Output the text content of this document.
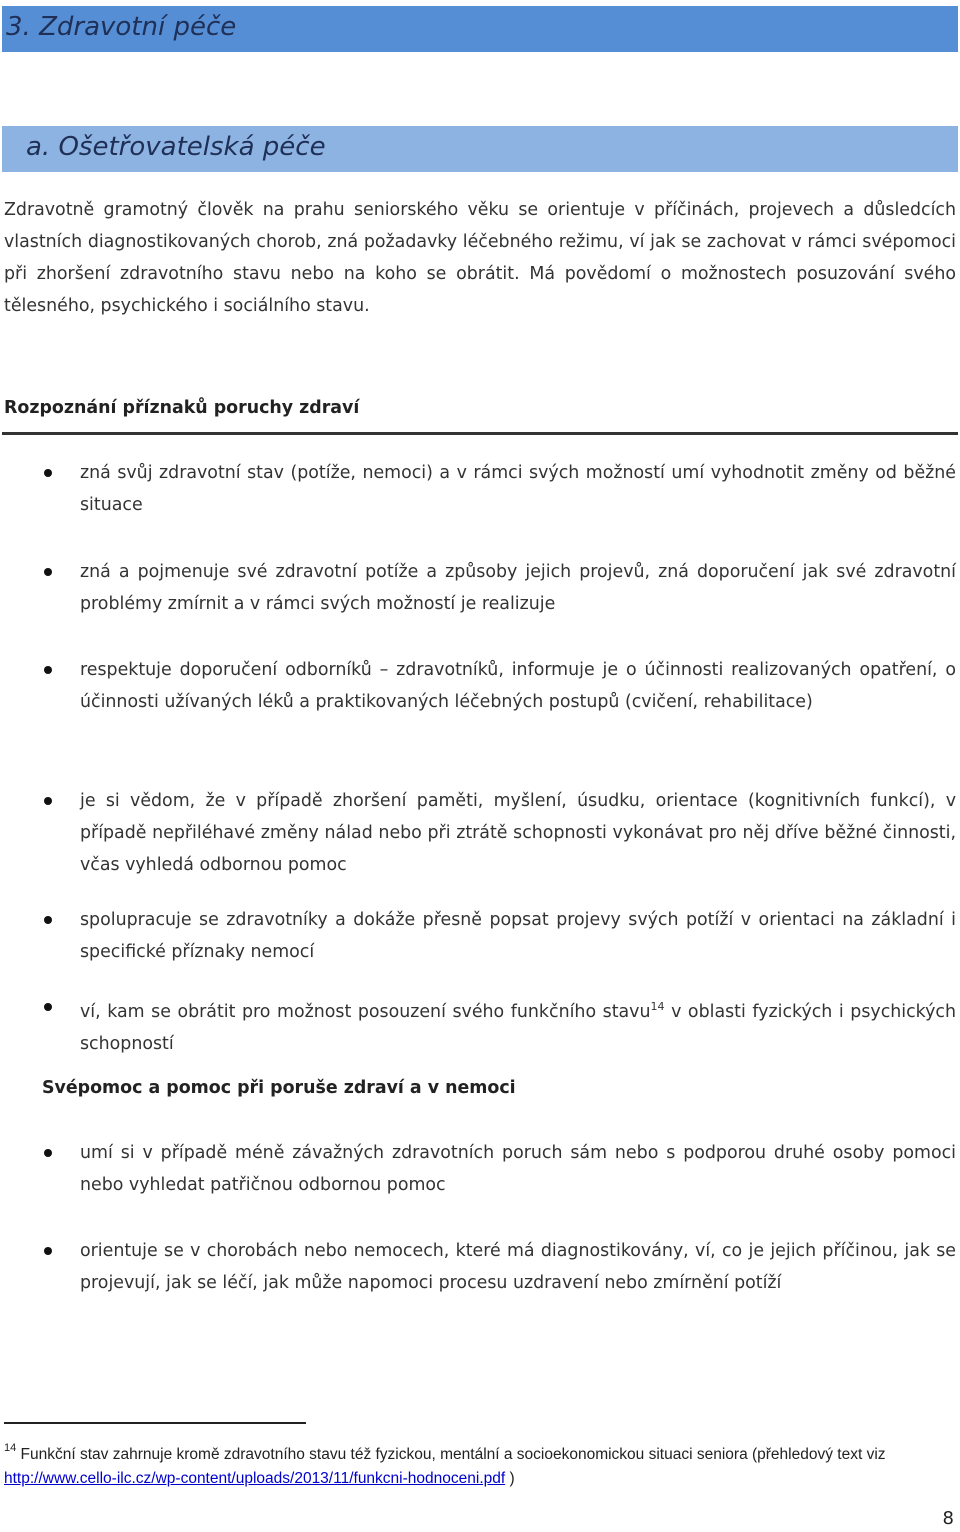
3. Zdravotní péče
a. Ošetřovatelská péče
Zdravotně gramotný člověk na prahu seniorského věku se orientuje v příčinách, projevech a důsledcích vlastních diagnostikovaných chorob, zná požadavky léčebného režimu, ví jak se zachovat v rámci svépomoci při zhoršení zdravotního stavu nebo na koho se obrátit. Má povědomí o možnostech posuzování svého tělesného, psychického i sociálního stavu.
Rozpoznání příznaků poruchy zdraví
zná svůj zdravotní stav (potíže, nemoci) a v rámci svých možností umí vyhodnotit změny od běžné situace
zná a pojmenuje své zdravotní potíže a způsoby jejich projevů, zná doporučení jak své zdravotní problémy zmírnit a v rámci svých možností je realizuje
respektuje doporučení odborníků – zdravotníků, informuje je o účinnosti realizovaných opatření, o účinnosti užívaných léků a praktikovaných léčebných postupů (cvičení, rehabilitace)
je si vědom, že v případě zhoršení paměti, myšlení, úsudku, orientace (kognitivních funkcí), v případě nepřiléhavé změny nálad nebo při ztrátě schopnosti vykonávat pro něj dříve běžné činnosti, včas vyhledá odbornou pomoc
spolupracuje se zdravotníky a dokáže přesně popsat projevy svých potíží v orientaci na základní i specifické příznaky nemocí
ví, kam se obrátit pro možnost posouzení svého funkčního stavu$^{14}$ v oblasti fyzických i psychických schopností
Svépomoc a pomoc při poruše zdraví a v nemoci
umí si v případě méně závažných zdravotních poruch sám nebo s podporou druhé osoby pomoci nebo vyhledat patřičnou odbornou pomoc
orientuje se v chorobách nebo nemocech, které má diagnostikovány, ví, co je jejich příčinou, jak se projevují, jak se léčí, jak může napomoci procesu uzdravení nebo zmírnění potíží
$^{14}$ Funkční stav zahrnuje kromě zdravotního stavu též fyzickou, mentální a socioekonomickou situaci seniora (přehledový text viz http://www.cello-ilc.cz/wp-content/uploads/2013/11/funkcni-hodnoceni.pdf )
8
